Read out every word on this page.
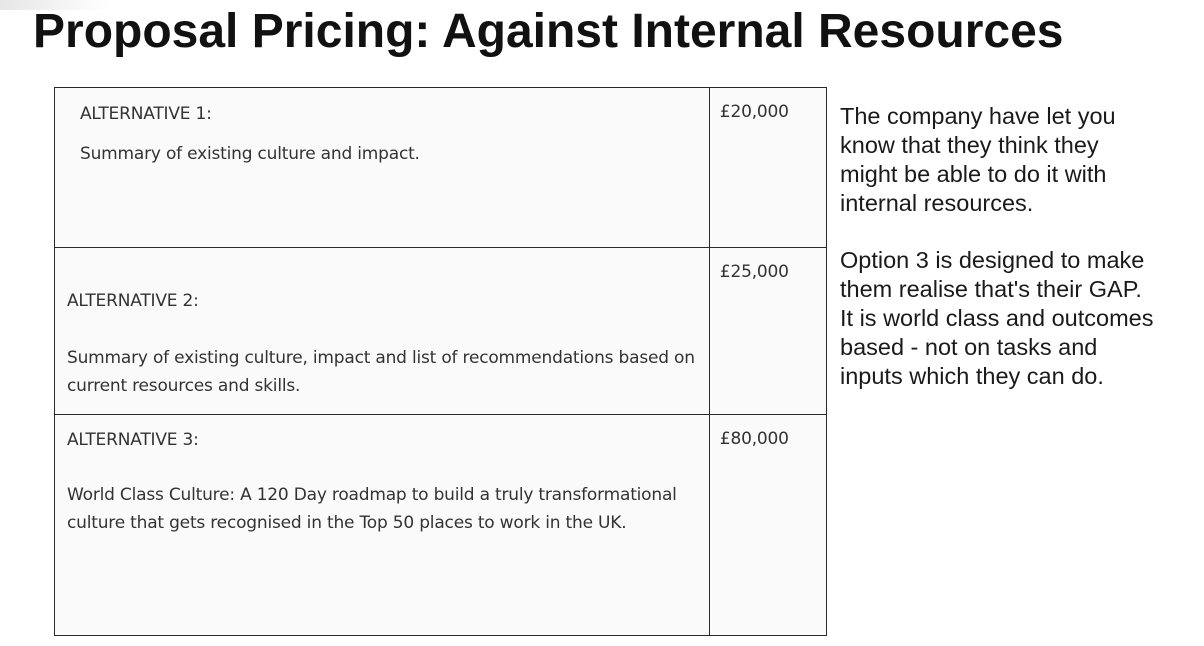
Proposal Pricing: Against Internal Resources

ALTERNATIVE 1:

Summary of existing culture and impact.	£20,000

ALTERNATIVE 2:

Summary of existing culture, impact and list of recommendations based on current resources and skills.	£25,000

ALTERNATIVE 3:

World Class Culture: A 120 Day roadmap to build a truly transformational culture that gets recognised in the Top 50 places to work in the UK.	£80,000

The company have let you know that they think they might be able to do it with internal resources.

Option 3 is designed to make them realise that's their GAP. It is world class and outcomes based - not on tasks and inputs which they can do.
